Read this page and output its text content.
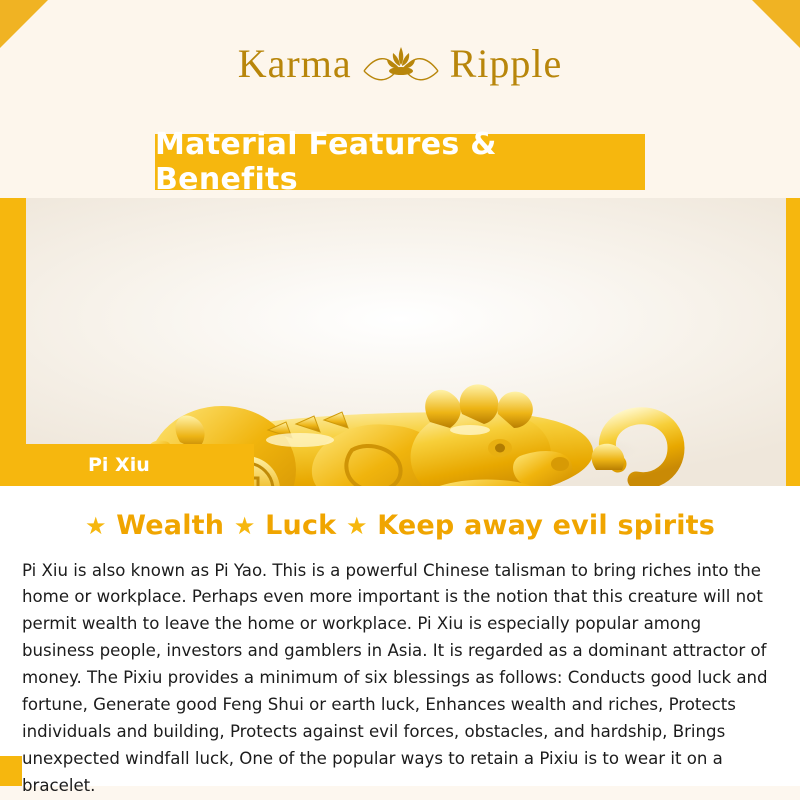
Karma Ripple
Material Features & Benefits
Pi Xiu
★ Wealth ★ Luck ★ Keep away evil spirits

Pi Xiu is also known as Pi Yao. This is a powerful Chinese talisman to bring riches into the home or workplace. Perhaps even more important is the notion that this creature will not permit wealth to leave the home or workplace. Pi Xiu is especially popular among business people, investors and gamblers in Asia. It is regarded as a dominant attractor of money. The Pixiu provides a minimum of six blessings as follows: Conducts good luck and fortune, Generate good Feng Shui or earth luck, Enhances wealth and riches, Protects individuals and building, Protects against evil forces, obstacles, and hardship, Brings unexpected windfall luck, One of the popular ways to retain a Pixiu is to wear it on a bracelet.
